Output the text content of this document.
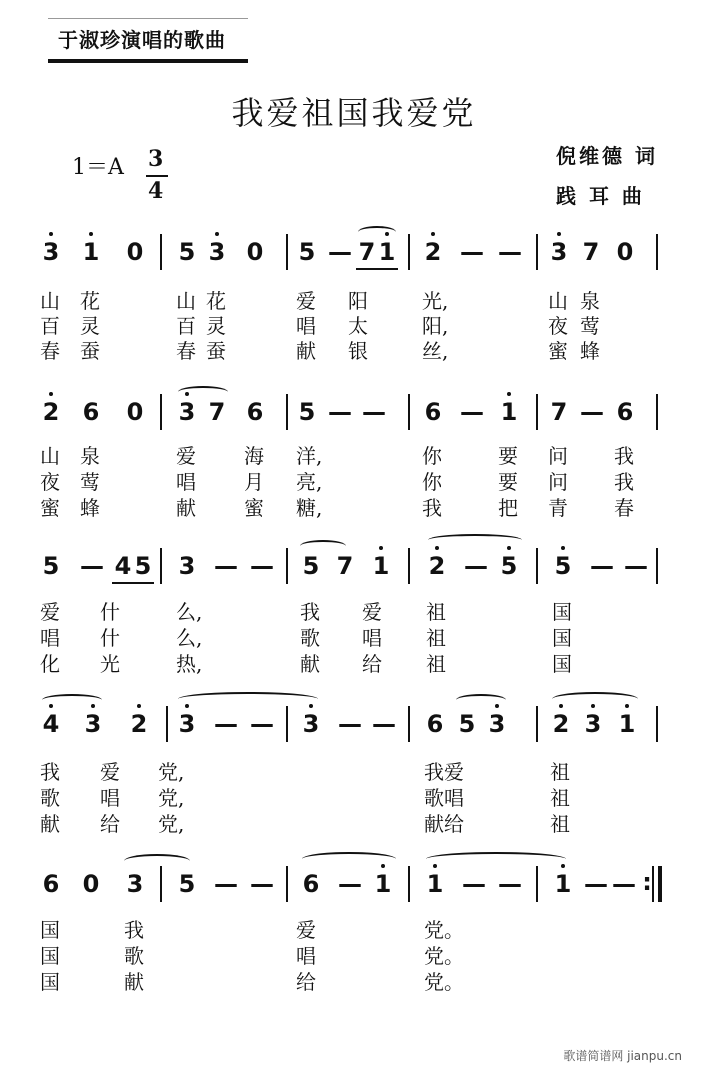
于淑珍演唱的歌曲
我爱祖国我爱党
1＝A 3
4
倪维德 词
践 耳 曲
3 1 0 5 3 0 5 — 7 1 2 — — 3 7 0
山 花	山 花	爱 阳	光,	山 泉
百 灵	百 灵	唱 太	阳,	夜 莺
春 蚕	春 蚕	献 银	丝,	蜜 蜂
2 6 0 3 7 6 5 — — 6 — 1 7 — 6
山 泉	爱 海 洋,	你	要 问 我
夜 莺	唱 月 亮,	你	要 问 我
蜜 蜂	献 蜜 糖,	我	把 青 春
5 — 4 5 3 — — 5 7 1 2 — 5 5 — —
爱 什	么,	我 爱 祖	国
唱 什	么,	歌 唱 祖	国
化 光	热,	献 给 祖	国
4 3 2 3 — — 3 — — 6 5 3 2 3 1
我 爱 党,	我爱	祖
歌 唱 党,	歌唱	祖
献 给 党,	献给	祖
6 0 3 5 — — 6 — 1 1 — — 1 — — :
国	我	爱	党。
国	歌	唱	党。
国	献	给	党。
歌谱简谱网 jianpu.cn
